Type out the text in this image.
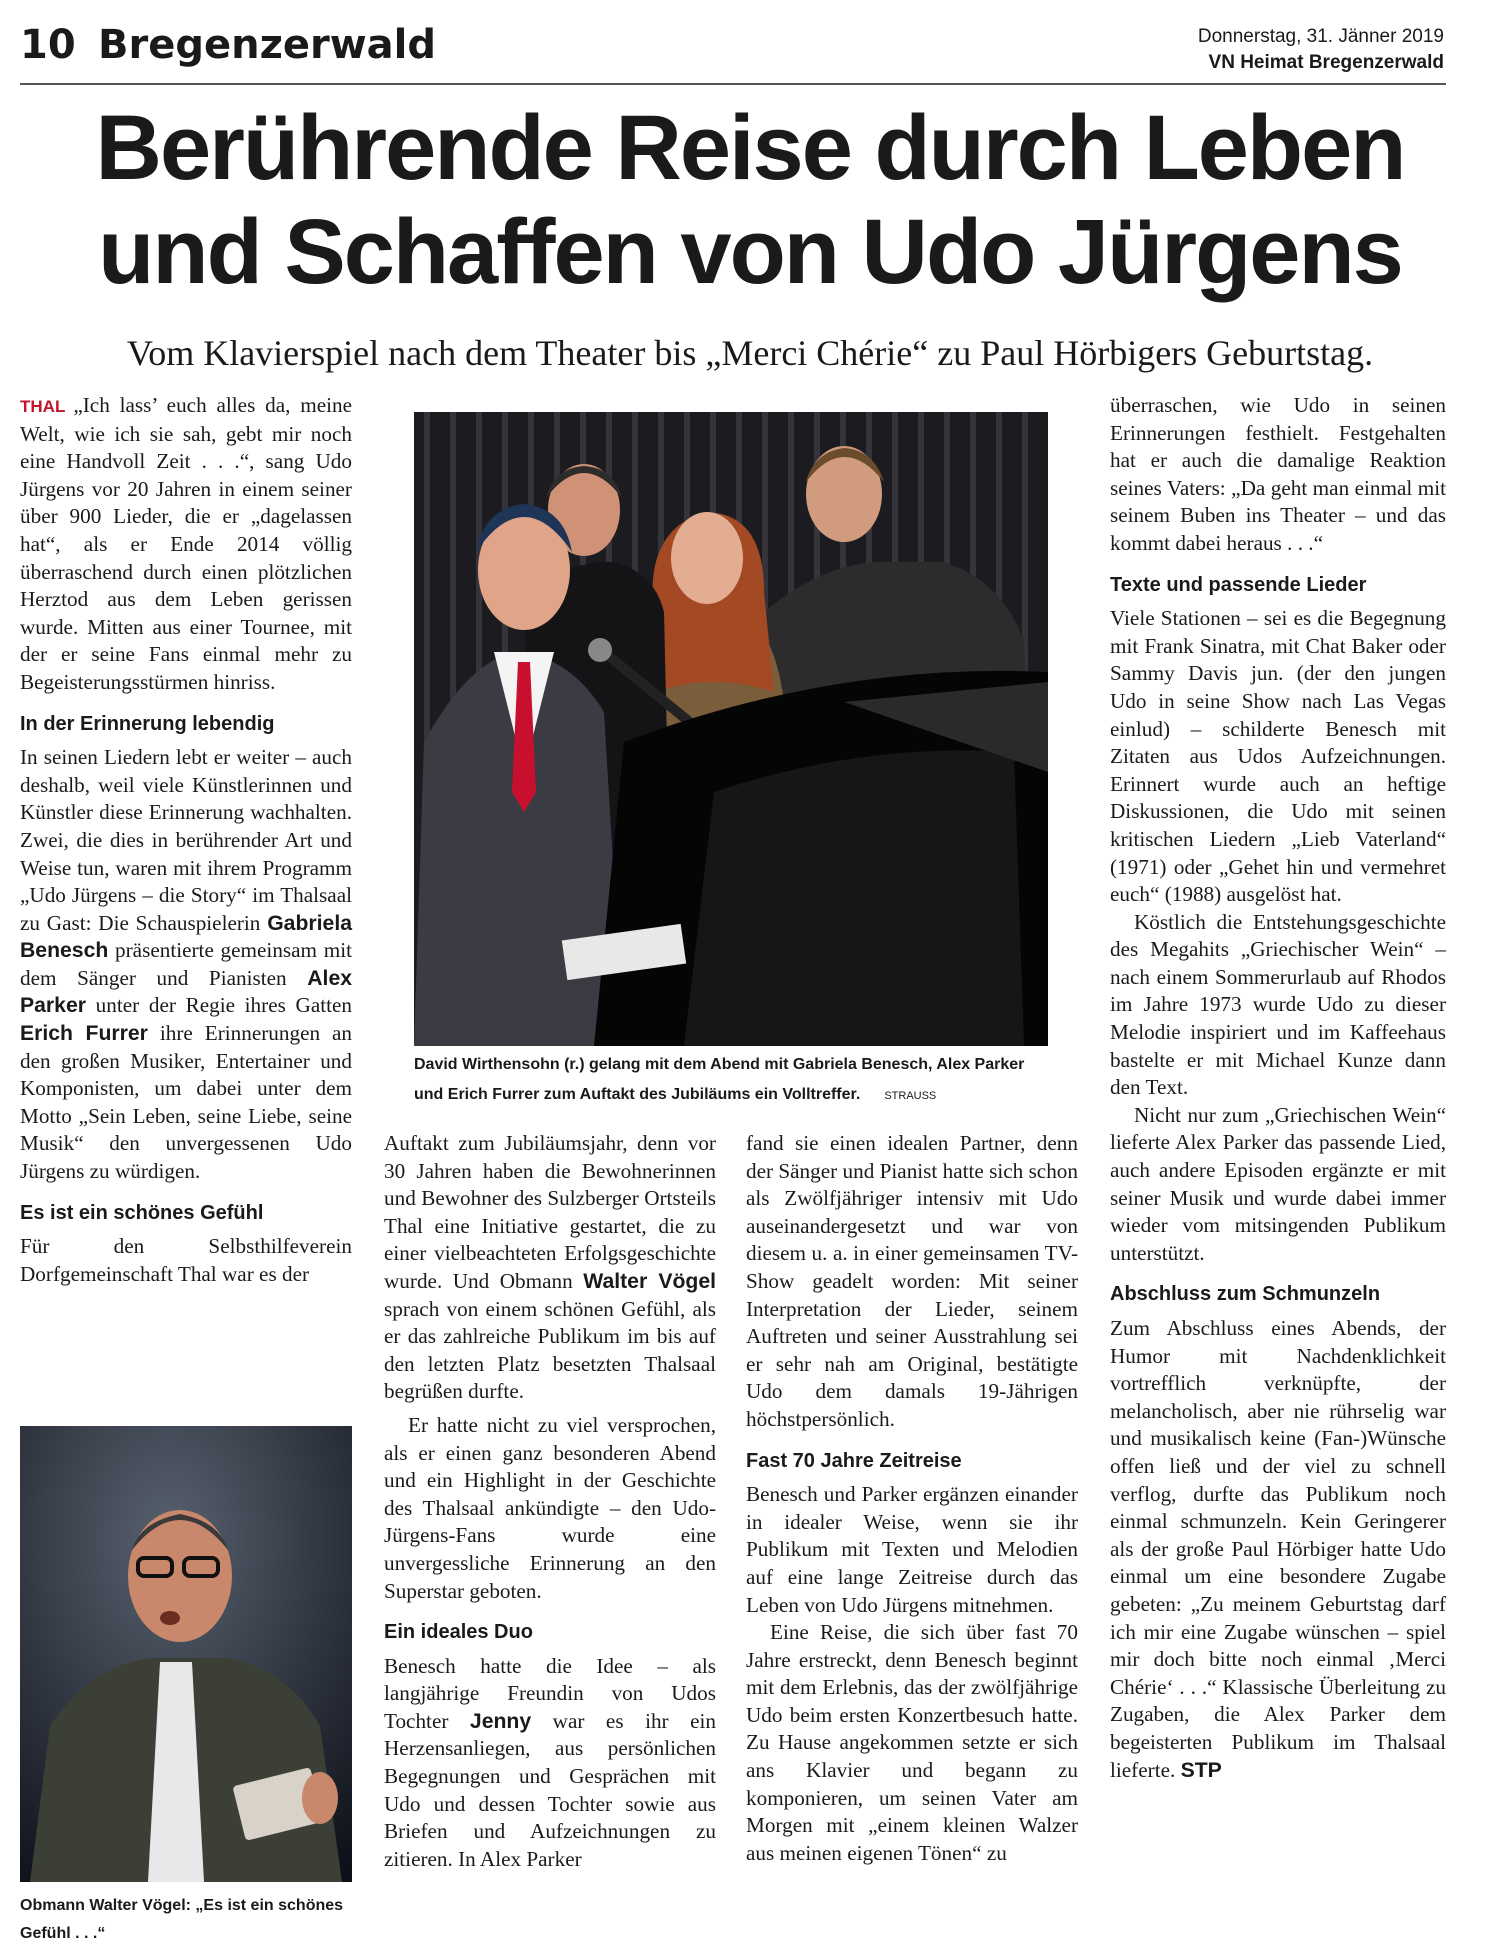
10 Bregenzerwald	Donnerstag, 31. Jänner 2019
VN Heimat Bregenzerwald
Berührende Reise durch Leben
und Schaffen von Udo Jürgens
Vom Klavierspiel nach dem Theater bis „Merci Chérie“ zu Paul Hörbigers Geburtstag.

THAL „Ich lass’ euch alles da, meine Welt, wie ich sie sah, gebt mir noch eine Handvoll Zeit . . .“, sang Udo Jürgens vor 20 Jahren in einem seiner über 900 Lieder, die er „dagelassen hat“, als er Ende 2014 völlig überraschend durch einen plötzlichen Herztod aus dem Leben gerissen wurde. Mitten aus einer Tournee, mit der er seine Fans einmal mehr zu Begeisterungsstürmen hinriss.

In der Erinnerung lebendig

In seinen Liedern lebt er weiter – auch deshalb, weil viele Künstlerinnen und Künstler diese Erinnerung wachhalten. Zwei, die dies in berührender Art und Weise tun, waren mit ihrem Programm „Udo Jürgens – die Story“ im Thalsaal zu Gast: Die Schauspielerin Gabriela Benesch präsentierte gemeinsam mit dem Sänger und Pianisten Alex Parker unter der Regie ihres Gatten Erich Furrer ihre Erinnerungen an den großen Musiker, Entertainer und Komponisten, um dabei unter dem Motto „Sein Leben, seine Liebe, seine Musik“ den unvergessenen Udo Jürgens zu würdigen.

Es ist ein schönes Gefühl

Für den Selbsthilfeverein Dorfgemeinschaft Thal war es der

Obmann Walter Vögel: „Es ist ein schönes Gefühl . . .“
David Wirthensohn (r.) gelang mit dem Abend mit Gabriela Benesch, Alex Parker und Erich Furrer zum Auftakt des Jubiläums ein Volltreffer. STRAUSS

Auftakt zum Jubiläumsjahr, denn vor 30 Jahren haben die Bewohnerinnen und Bewohner des Sulzberger Ortsteils Thal eine Initiative gestartet, die zu einer vielbeachteten Erfolgsgeschichte wurde. Und Obmann Walter Vögel sprach von einem schönen Gefühl, als er das zahlreiche Publikum im bis auf den letzten Platz besetzten Thalsaal begrüßen durfte.

Er hatte nicht zu viel versprochen, als er einen ganz besonderen Abend und ein Highlight in der Geschichte des Thalsaal ankündigte – den Udo-Jürgens-Fans wurde eine unvergessliche Erinnerung an den Superstar geboten.

Ein ideales Duo

Benesch hatte die Idee – als langjährige Freundin von Udos Tochter Jenny war es ihr ein Herzensanliegen, aus persönlichen Begegnungen und Gesprächen mit Udo und dessen Tochter sowie aus Briefen und Aufzeichnungen zu zitieren. In Alex Parker

fand sie einen idealen Partner, denn der Sänger und Pianist hatte sich schon als Zwölfjähriger intensiv mit Udo auseinandergesetzt und war von diesem u. a. in einer gemeinsamen TV-Show geadelt worden: Mit seiner Interpretation der Lieder, seinem Auftreten und seiner Ausstrahlung sei er sehr nah am Original, bestätigte Udo dem damals 19-Jährigen höchstpersönlich.

Fast 70 Jahre Zeitreise

Benesch und Parker ergänzen einander in idealer Weise, wenn sie ihr Publikum mit Texten und Melodien auf eine lange Zeitreise durch das Leben von Udo Jürgens mitnehmen.

Eine Reise, die sich über fast 70 Jahre erstreckt, denn Benesch beginnt mit dem Erlebnis, das der zwölfjährige Udo beim ersten Konzertbesuch hatte. Zu Hause angekommen setzte er sich ans Klavier und begann zu komponieren, um seinen Vater am Morgen mit „einem kleinen Walzer aus meinen eigenen Tönen“ zu

überraschen, wie Udo in seinen Erinnerungen festhielt. Festgehalten hat er auch die damalige Reaktion seines Vaters: „Da geht man einmal mit seinem Buben ins Theater – und das kommt dabei heraus . . .“

Texte und passende Lieder

Viele Stationen – sei es die Begegnung mit Frank Sinatra, mit Chat Baker oder Sammy Davis jun. (der den jungen Udo in seine Show nach Las Vegas einlud) – schilderte Benesch mit Zitaten aus Udos Aufzeichnungen. Erinnert wurde auch an heftige Diskussionen, die Udo mit seinen kritischen Liedern „Lieb Vaterland“ (1971) oder „Gehet hin und vermehret euch“ (1988) ausgelöst hat.

Köstlich die Entstehungsgeschichte des Megahits „Griechischer Wein“ – nach einem Sommerurlaub auf Rhodos im Jahre 1973 wurde Udo zu dieser Melodie inspiriert und im Kaffeehaus bastelte er mit Michael Kunze dann den Text.

Nicht nur zum „Griechischen Wein“ lieferte Alex Parker das passende Lied, auch andere Episoden ergänzte er mit seiner Musik und wurde dabei immer wieder vom mitsingenden Publikum unterstützt.

Abschluss zum Schmunzeln

Zum Abschluss eines Abends, der Humor mit Nachdenklichkeit vortrefflich verknüpfte, der melancholisch, aber nie rührselig war und musikalisch keine (Fan-)Wünsche offen ließ und der viel zu schnell verflog, durfte das Publikum noch einmal schmunzeln. Kein Geringerer als der große Paul Hörbiger hatte Udo einmal um eine besondere Zugabe gebeten: „Zu meinem Geburtstag darf ich mir eine Zugabe wünschen – spiel mir doch bitte noch einmal ‚Merci Chérie‘ . . .“ Klassische Überleitung zu Zugaben, die Alex Parker dem begeisterten Publikum im Thalsaal lieferte. STP
